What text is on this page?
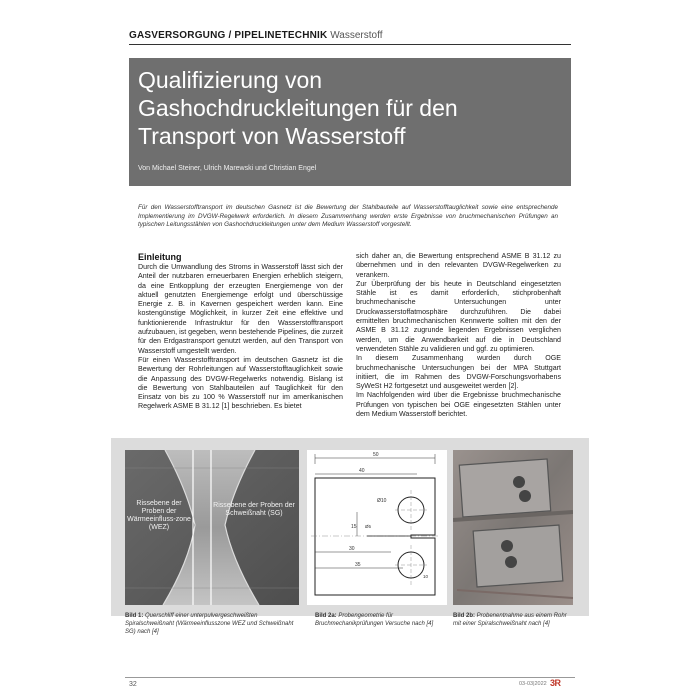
GASVERSORGUNG / PIPELINETECHNIK Wasserstoff
Qualifizierung von Gashochdruckleitungen für den Transport von Wasserstoff
Von Michael Steiner, Ulrich Marewski und Christian Engel
Für den Wasserstofftransport im deutschen Gasnetz ist die Bewertung der Stahlbauteile auf Wasserstofftauglichkeit sowie eine entsprechende Implementierung im DVGW-Regelwerk erforderlich. In diesem Zusammenhang werden erste Ergebnisse von bruchmechanischen Prüfungen an typischen Leitungsstählen von Gashochdruckleitungen unter dem Medium Wasserstoff vorgestellt.
Einleitung

Durch die Umwandlung des Stroms in Wasserstoff lässt sich der Anteil der nutzbaren erneuerbaren Energien erheblich steigern, da eine Entkopplung der erzeugten Energiemenge von der aktuell genutzten Energiemenge erfolgt und überschüssige Energie z. B. in Kavernen gespeichert werden kann. Eine kostengünstige Möglichkeit, in kurzer Zeit eine effektive und funktionierende Infrastruktur für den Wasserstofftransport aufzubauen, ist gegeben, wenn bestehende Pipelines, die zurzeit für den Erdgastransport genutzt werden, auf den Transport von Wasserstoff umgestellt werden.

Für einen Wasserstofftransport im deutschen Gasnetz ist die Bewertung der Rohrleitungen auf Wasserstofftauglichkeit sowie die Anpassung des DVGW-Regelwerks notwendig. Bislang ist die Bewertung von Stahlbauteilen auf Tauglichkeit für den Einsatz von bis zu 100 % Wasserstoff nur im amerikanischen Regelwerk ASME B 31.12 [1] beschrieben. Es bietet

sich daher an, die Bewertung entsprechend ASME B 31.12 zu übernehmen und in den relevanten DVGW-Regelwerken zu verankern.

Zur Überprüfung der bis heute in Deutschland eingesetzten Stähle ist es damit erforderlich, stichprobenhaft bruchmechanische Untersuchungen unter Druckwasserstoffatmosphäre durchzuführen. Die dabei ermittelten bruchmechanischen Kennwerte sollten mit den der ASME B 31.12 zugrunde liegenden Ergebnissen verglichen werden, um die Anwendbarkeit auf die in Deutschland verwendeten Stähle zu validieren und ggf. zu optimieren.

In diesem Zusammenhang wurden durch OGE bruchmechanische Untersuchungen bei der MPA Stuttgart initiiert, die im Rahmen des DVGW-Forschungsvorhabens SyWeSt H2 fortgesetzt und ausgeweitet werden [2].

Im Nachfolgenden wird über die Ergebnisse bruchmechanische Prüfungen von typischen bei OGE eingesetzten Stählen unter dem Medium Wasserstoff berichtet.

Rissebene der Proben der Wärmeeinfluss-zone (WEZ)
Rissebene der Proben der Schweißnaht (SG)
50
40
Ø10
15
30
35
10
Ø5
Bild 1: Querschliff einer unterpulvergeschweißten Spiralschweißnaht (Wärmeeinflusszone WEZ und Schweißnaht SG) nach [4]
Bild 2a: Probengeometrie für Bruchmechanikprüfungen Versuche nach [4]
Bild 2b: Probenentnahme aus einem Rohr mit einer Spiralschweißnaht nach [4]
32	03-03|2022 3R
